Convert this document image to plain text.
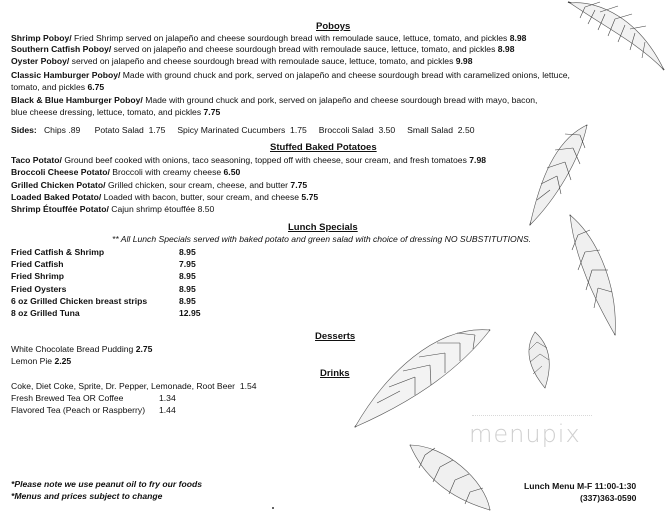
menupix
Poboys
Shrimp Poboy/ Fried Shrimp served on jalapeño and cheese sourdough bread with remoulade sauce, lettuce, tomato, and pickles 8.98
Southern Catfish Poboy/ served on jalapeño and cheese sourdough bread with remoulade sauce, lettuce, tomato, and pickles 8.98
Oyster Poboy/ served on jalapeño and cheese sourdough bread with remoulade sauce, lettuce, tomato, and pickles 9.98
Classic Hamburger Poboy/ Made with ground chuck and pork, served on jalapeño and cheese sourdough bread with caramelized onions, lettuce,
tomato, and pickles 6.75
Black & Blue Hamburger Poboy/ Made with ground chuck and pork, served on jalapeño and cheese sourdough bread with mayo, bacon,
blue cheese dressing, lettuce, tomato, and pickles 7.75
Sides: Chips .89 Potato Salad 1.75 Spicy Marinated Cucumbers 1.75 Broccoli Salad 3.50 Small Salad 2.50
Stuffed Baked Potatoes
Taco Potato/ Ground beef cooked with onions, taco seasoning, topped off with cheese, sour cream, and fresh tomatoes 7.98
Broccoli Cheese Potato/ Broccoli with creamy cheese 6.50
Grilled Chicken Potato/ Grilled chicken, sour cream, cheese, and butter 7.75
Loaded Baked Potato/ Loaded with bacon, butter, sour cream, and cheese 5.75
Shrimp Étouffée Potato/ Cajun shrimp étouffée 8.50
Lunch Specials
** All Lunch Specials served with baked potato and green salad with choice of dressing NO SUBSTITUTIONS.
Fried Catfish & Shrimp	8.95
Fried Catfish	7.95
Fried Shrimp	8.95
Fried Oysters	8.95
6 oz Grilled Chicken breast strips	8.95
8 oz Grilled Tuna	12.95
Desserts
White Chocolate Bread Pudding 2.75
Lemon Pie 2.25
Drinks
Coke, Diet Coke, Sprite, Dr. Pepper, Lemonade, Root Beer 1.54
Fresh Brewed Tea OR Coffee	1.34
Flavored Tea (Peach or Raspberry) 1.44
*Please note we use peanut oil to fry our foods
*Menus and prices subject to change
Lunch Menu M-F 11:00-1:30
(337)363-0590
